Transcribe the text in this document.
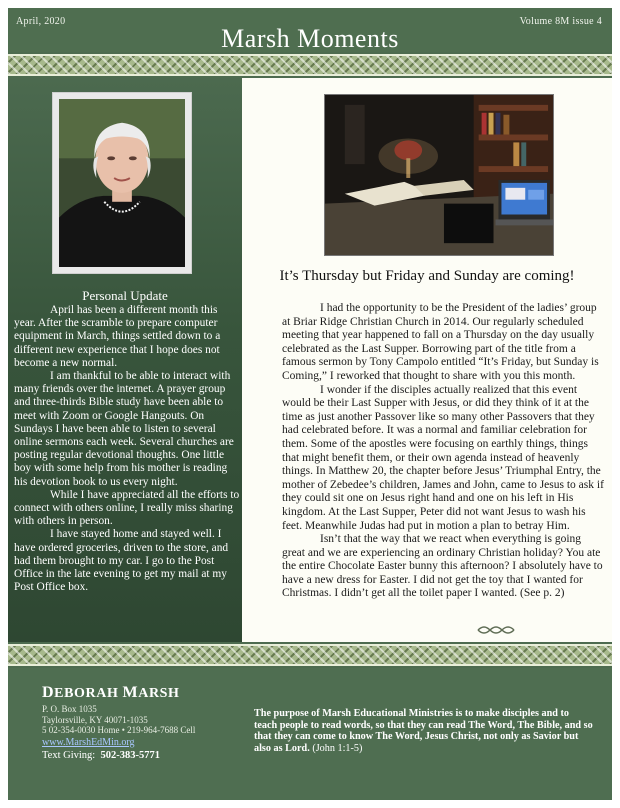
April, 2020	Volume 8M issue 4
Marsh Moments
Personal Update

April has been a different month this year. After the scramble to prepare computer equipment in March, things settled down to a different new experience that I hope does not become a new normal.

I am thankful to be able to interact with many friends over the internet. A prayer group and three-thirds Bible study have been able to meet with Zoom or Google Hangouts. On Sundays I have been able to listen to several online sermons each week. Several churches are posting regular devotional thoughts. One little boy with some help from his mother is reading his devotion book to us every night.

While I have appreciated all the efforts to connect with others online, I really miss sharing with others in person.

I have stayed home and stayed well. I have ordered groceries, driven to the store, and had them brought to my car. I go to the Post Office in the late evening to get my mail at my Post Office box.

It’s Thursday but Friday and Sunday are coming!

I had the opportunity to be the President of the ladies’ group at Briar Ridge Christian Church in 2014. Our regularly scheduled meeting that year happened to fall on a Thursday on the day usually celebrated as the Last Supper. Borrowing part of the title from a famous sermon by Tony Campolo entitled “It’s Friday, but Sunday is Coming,” I reworked that thought to share with you this month.

I wonder if the disciples actually realized that this event would be their Last Supper with Jesus, or did they think of it at the time as just another Passover like so many other Passovers that they had celebrated before. It was a normal and familiar celebration for them. Some of the apostles were focusing on earthly things, things that might benefit them, or their own agenda instead of heavenly things. In Matthew 20, the chapter before Jesus’ Triumphal Entry, the mother of Zebedee’s children, James and John, came to Jesus to ask if they could sit one on Jesus right hand and one on his left in His kingdom. At the Last Supper, Peter did not want Jesus to wash his feet. Meanwhile Judas had put in motion a plan to betray Him.

Isn’t that the way that we react when everything is going great and we are experiencing an ordinary Christian holiday? You ate the entire Chocolate Easter bunny this afternoon? I absolutely have to have a new dress for Easter. I did not get the toy that I wanted for Christmas. I didn’t get all the toilet paper I wanted. (See p. 2)

DEBORAH MARSH
P. O. Box 1035
Taylorsville, KY 40071-1035
5 02-354-0030 Home • 219-964-7688 Cell
www.MarshEdMin.org
Text Giving: 502-383-5771
The purpose of Marsh Educational Ministries is to make disciples and to teach people to read words, so that they can read The Word, The Bible, and so that they can come to know The Word, Jesus Christ, not only as Savior but also as Lord. (John 1:1-5)
